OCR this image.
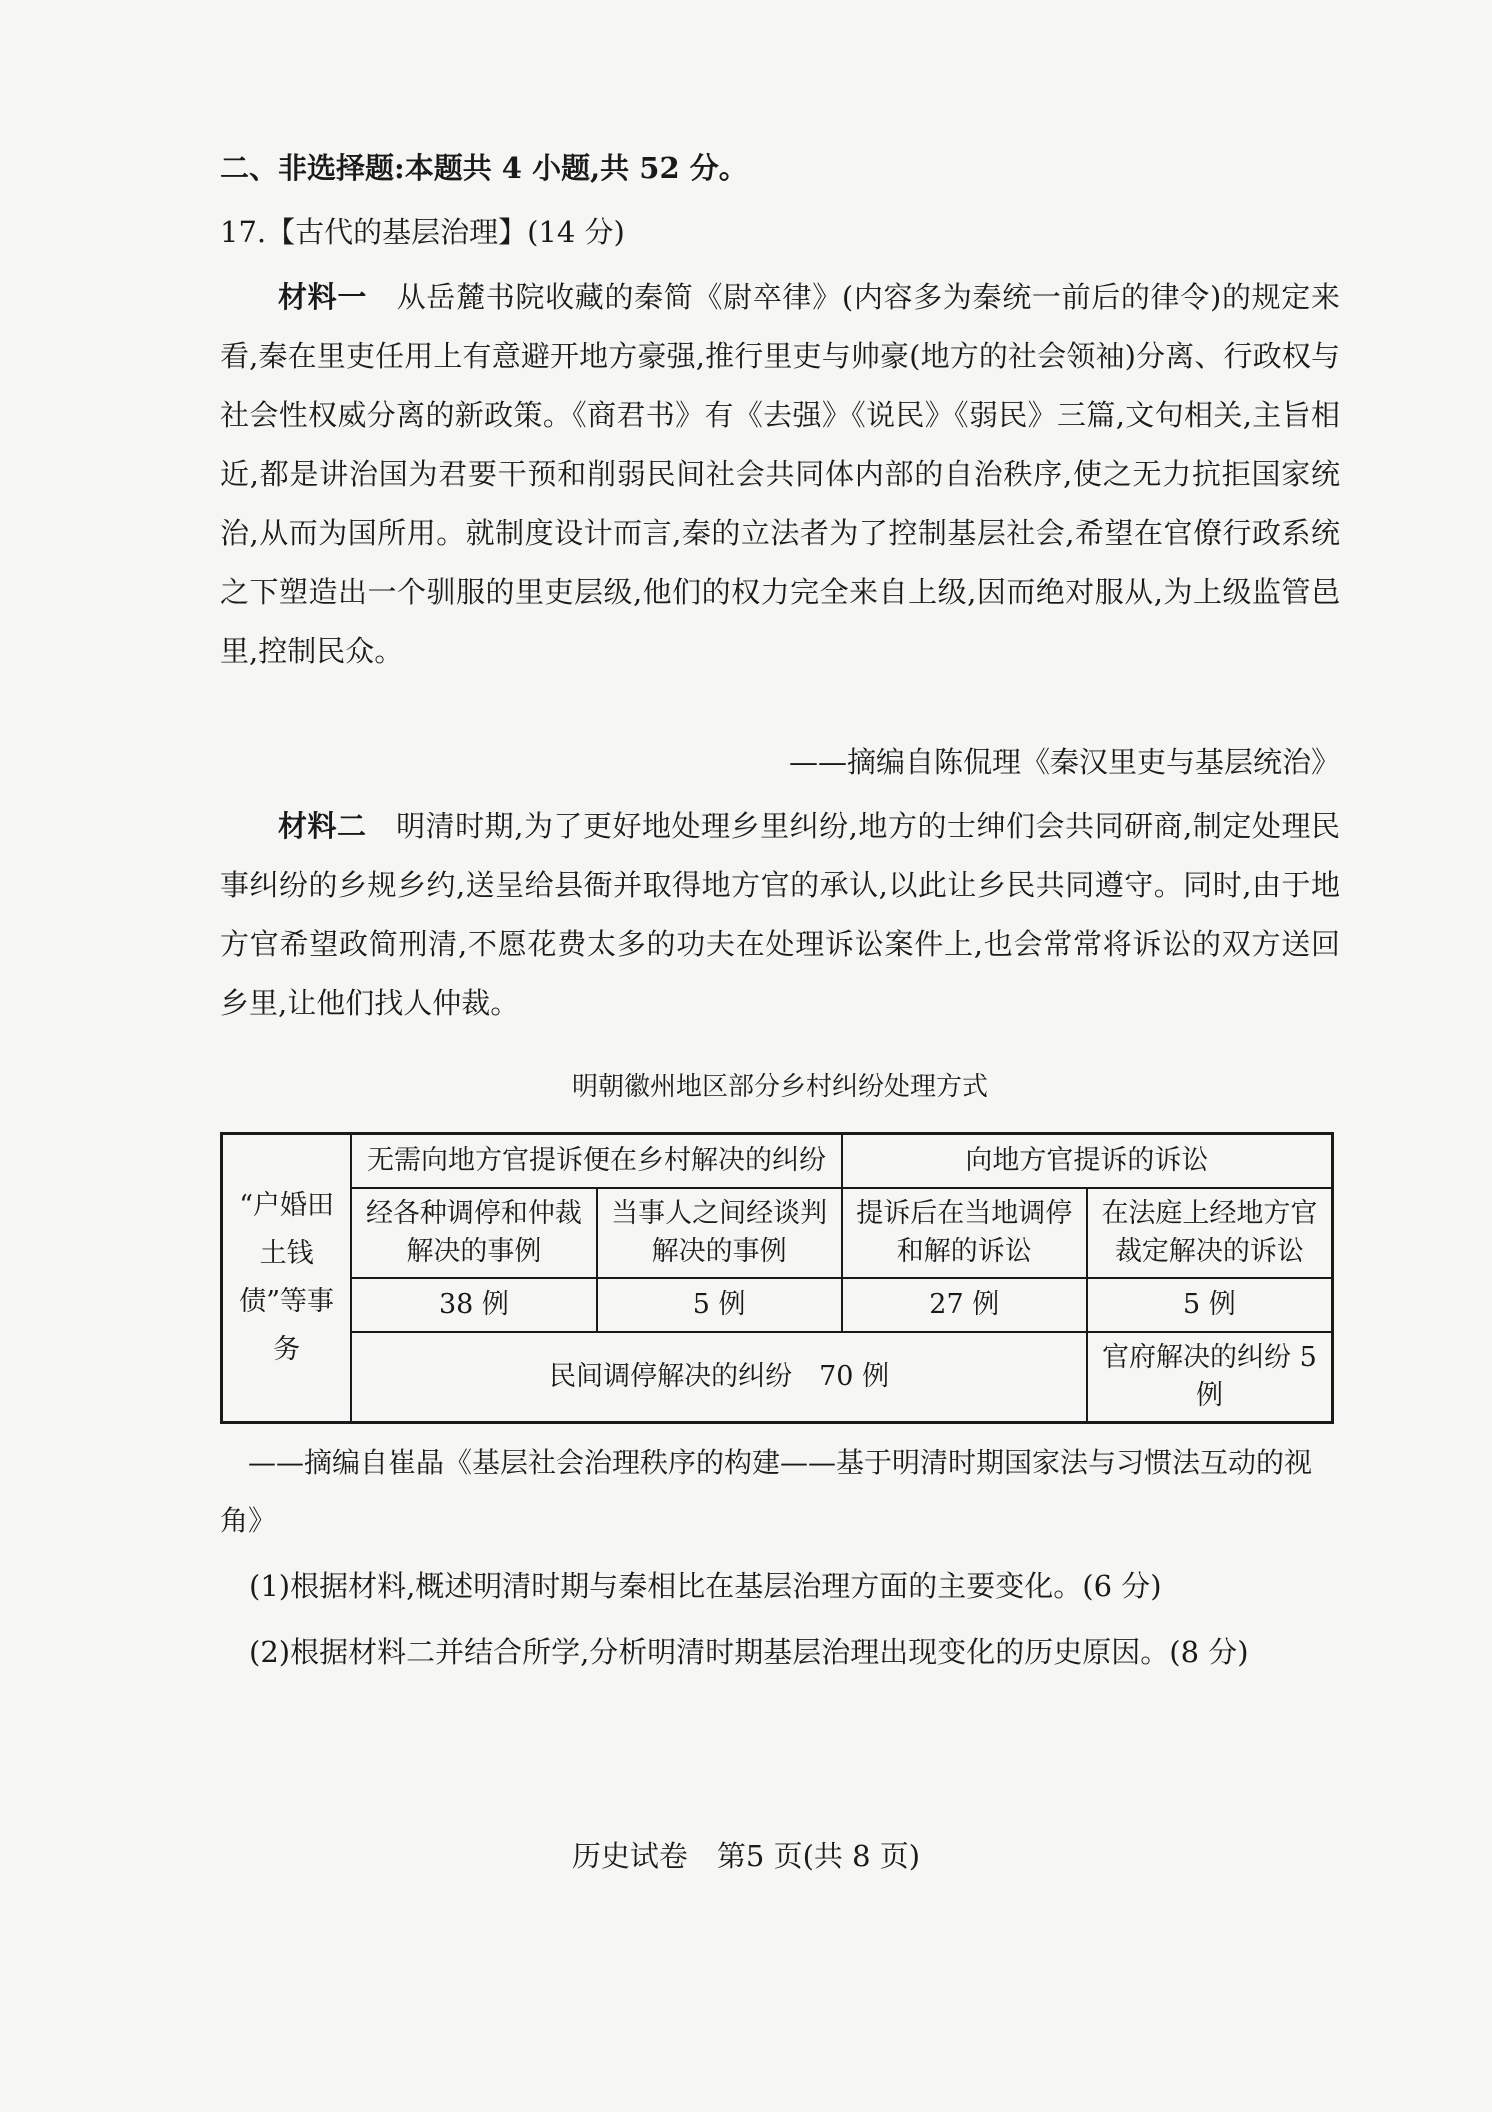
二、非选择题:本题共 4 小题,共 52 分。
17.【古代的基层治理】(14 分)

材料一　 从岳麓书院收藏的秦简《尉卒律》(内容多为秦统一前后的律令)的规定来看,秦在里吏任用上有意避开地方豪强,推行里吏与帅豪(地方的社会领袖)分离、行政权与社会性权威分离的新政策。《商君书》有《去强》《说民》《弱民》三篇,文句相关,主旨相近,都是讲治国为君要干预和削弱民间社会共同体内部的自治秩序,使之无力抗拒国家统治,从而为国所用。就制度设计而言,秦的立法者为了控制基层社会,希望在官僚行政系统之下塑造出一个驯服的里吏层级,他们的权力完全来自上级,因而绝对服从,为上级监管邑里,控制民众。

——摘编自陈侃理《秦汉里吏与基层统治》

材料二　 明清时期,为了更好地处理乡里纠纷,地方的士绅们会共同研商,制定处理民事纠纷的乡规乡约,送呈给县衙并取得地方官的承认,以此让乡民共同遵守。同时,由于地方官希望政简刑清,不愿花费太多的功夫在处理诉讼案件上,也会常常将诉讼的双方送回乡里,让他们找人仲裁。

明朝徽州地区部分乡村纠纷处理方式
“户婚田土钱债”等事务	无需向地方官提诉便在乡村解决的纠纷		向地方官提诉的诉讼	
	经各种调停和仲裁解决的事例	当事人之间经谈判解决的事例	提诉后在当地调停和解的诉讼	在法庭上经地方官裁定解决的诉讼
	38 例	5 例	27 例	5 例
	民间调停解决的纠纷　70 例			官府解决的纠纷 5 例
——摘编自崔晶《基层社会治理秩序的构建——基于明清时期国家法与习惯法互动的视角》
(1)根据材料,概述明清时期与秦相比在基层治理方面的主要变化。(6 分)
(2)根据材料二并结合所学,分析明清时期基层治理出现变化的历史原因。(8 分)
历史试卷　第5 页(共 8 页)
